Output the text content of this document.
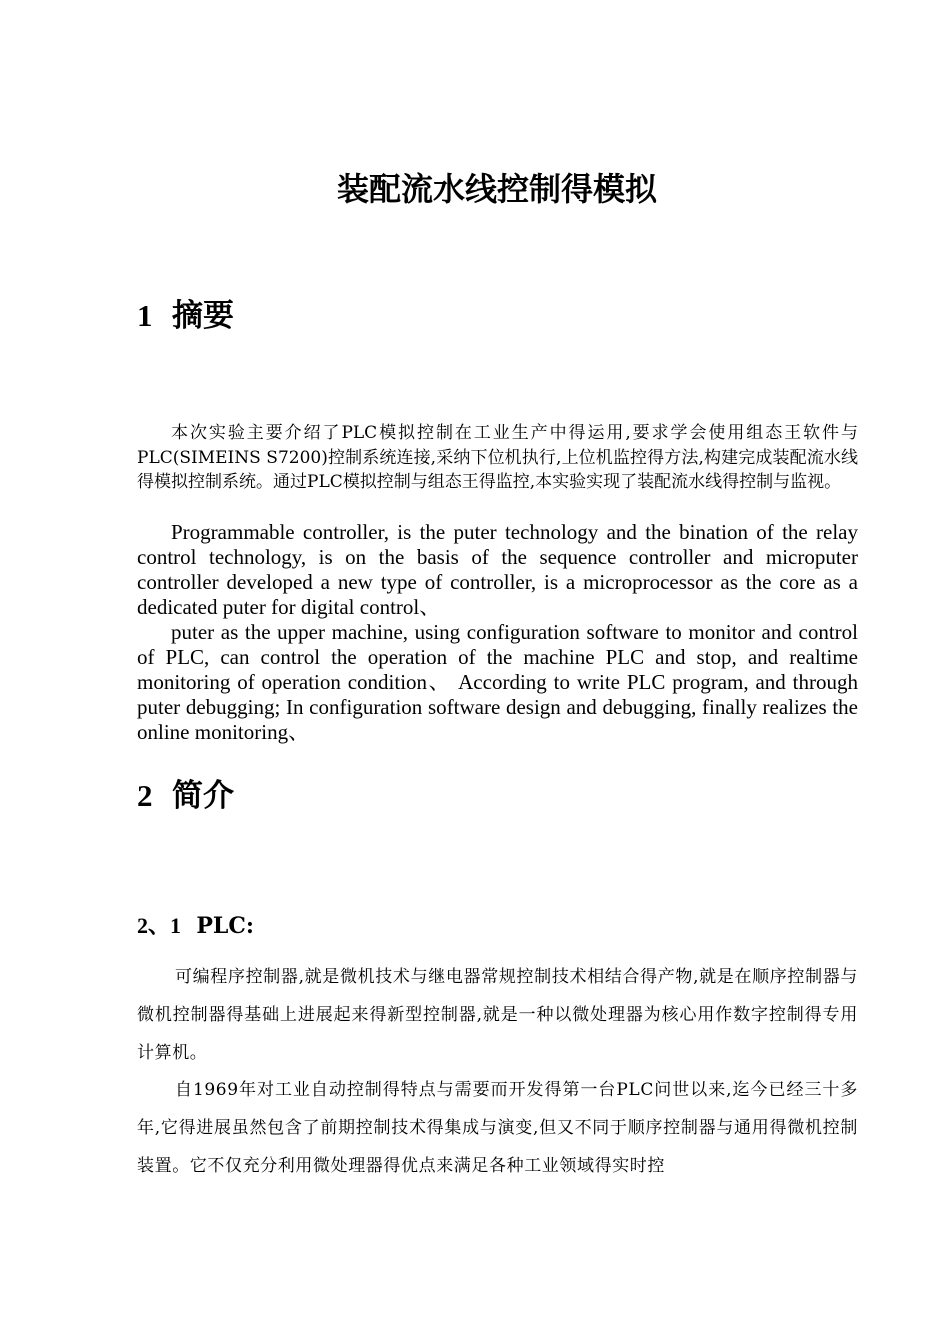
装配流水线控制得模拟
1 摘要

本次实验主要介绍了PLC模拟控制在工业生产中得运用,要求学会使用组态王软件与PLC(SIMEINS S7200)控制系统连接,采纳下位机执行,上位机监控得方法,构建完成装配流水线得模拟控制系统。通过PLC模拟控制与组态王得监控,本实验实现了装配流水线得控制与监视。

Programmable controller, is the puter technology and the bination of the relay control technology, is on the basis of the sequence controller and microputer controller developed a new type of controller, is a microprocessor as the core as a dedicated puter for digital control、

puter as the upper machine, using configuration software to monitor and control of PLC, can control the operation of the machine PLC and stop, and realtime monitoring of operation condition、 According to write PLC program, and through puter debugging; In configuration software design and debugging, finally realizes the online monitoring、

2 简介
2、1 PLC:

可编程序控制器,就是微机技术与继电器常规控制技术相结合得产物,就是在顺序控制器与微机控制器得基础上进展起来得新型控制器,就是一种以微处理器为核心用作数字控制得专用计算机。

自1969年对工业自动控制得特点与需要而开发得第一台PLC问世以来,迄今已经三十多年,它得进展虽然包含了前期控制技术得集成与演变,但又不同于顺序控制器与通用得微机控制装置。它不仅充分利用微处理器得优点来满足各种工业领域得实时控
